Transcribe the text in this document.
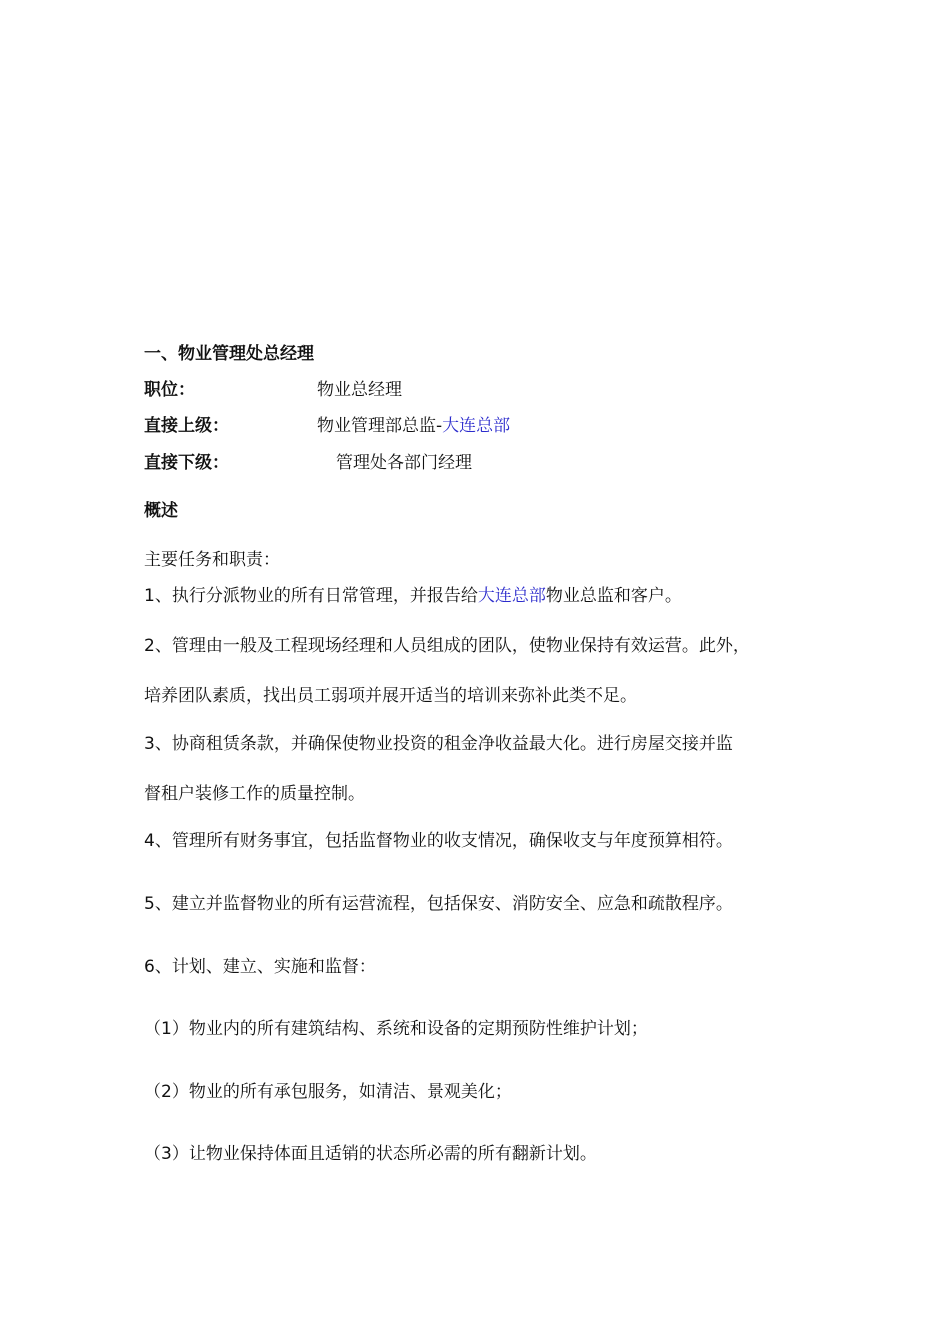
一、物业管理处总经理
职位：	物业总经理
直接上级：	物业管理部总监-大连总部
直接下级：	管理处各部门经理
概述
主要任务和职责：
1、执行分派物业的所有日常管理，并报告给大连总部物业总监和客户。
2、管理由一般及工程现场经理和人员组成的团队，使物业保持有效运营。此外，
培养团队素质，找出员工弱项并展开适当的培训来弥补此类不足。
3、协商租赁条款，并确保使物业投资的租金净收益最大化。进行房屋交接并监
督租户装修工作的质量控制。
4、管理所有财务事宜，包括监督物业的收支情况，确保收支与年度预算相符。
5、建立并监督物业的所有运营流程，包括保安、消防安全、应急和疏散程序。
6、计划、建立、实施和监督：
（1）物业内的所有建筑结构、系统和设备的定期预防性维护计划；
（2）物业的所有承包服务，如清洁、景观美化；
（3）让物业保持体面且适销的状态所必需的所有翻新计划。
